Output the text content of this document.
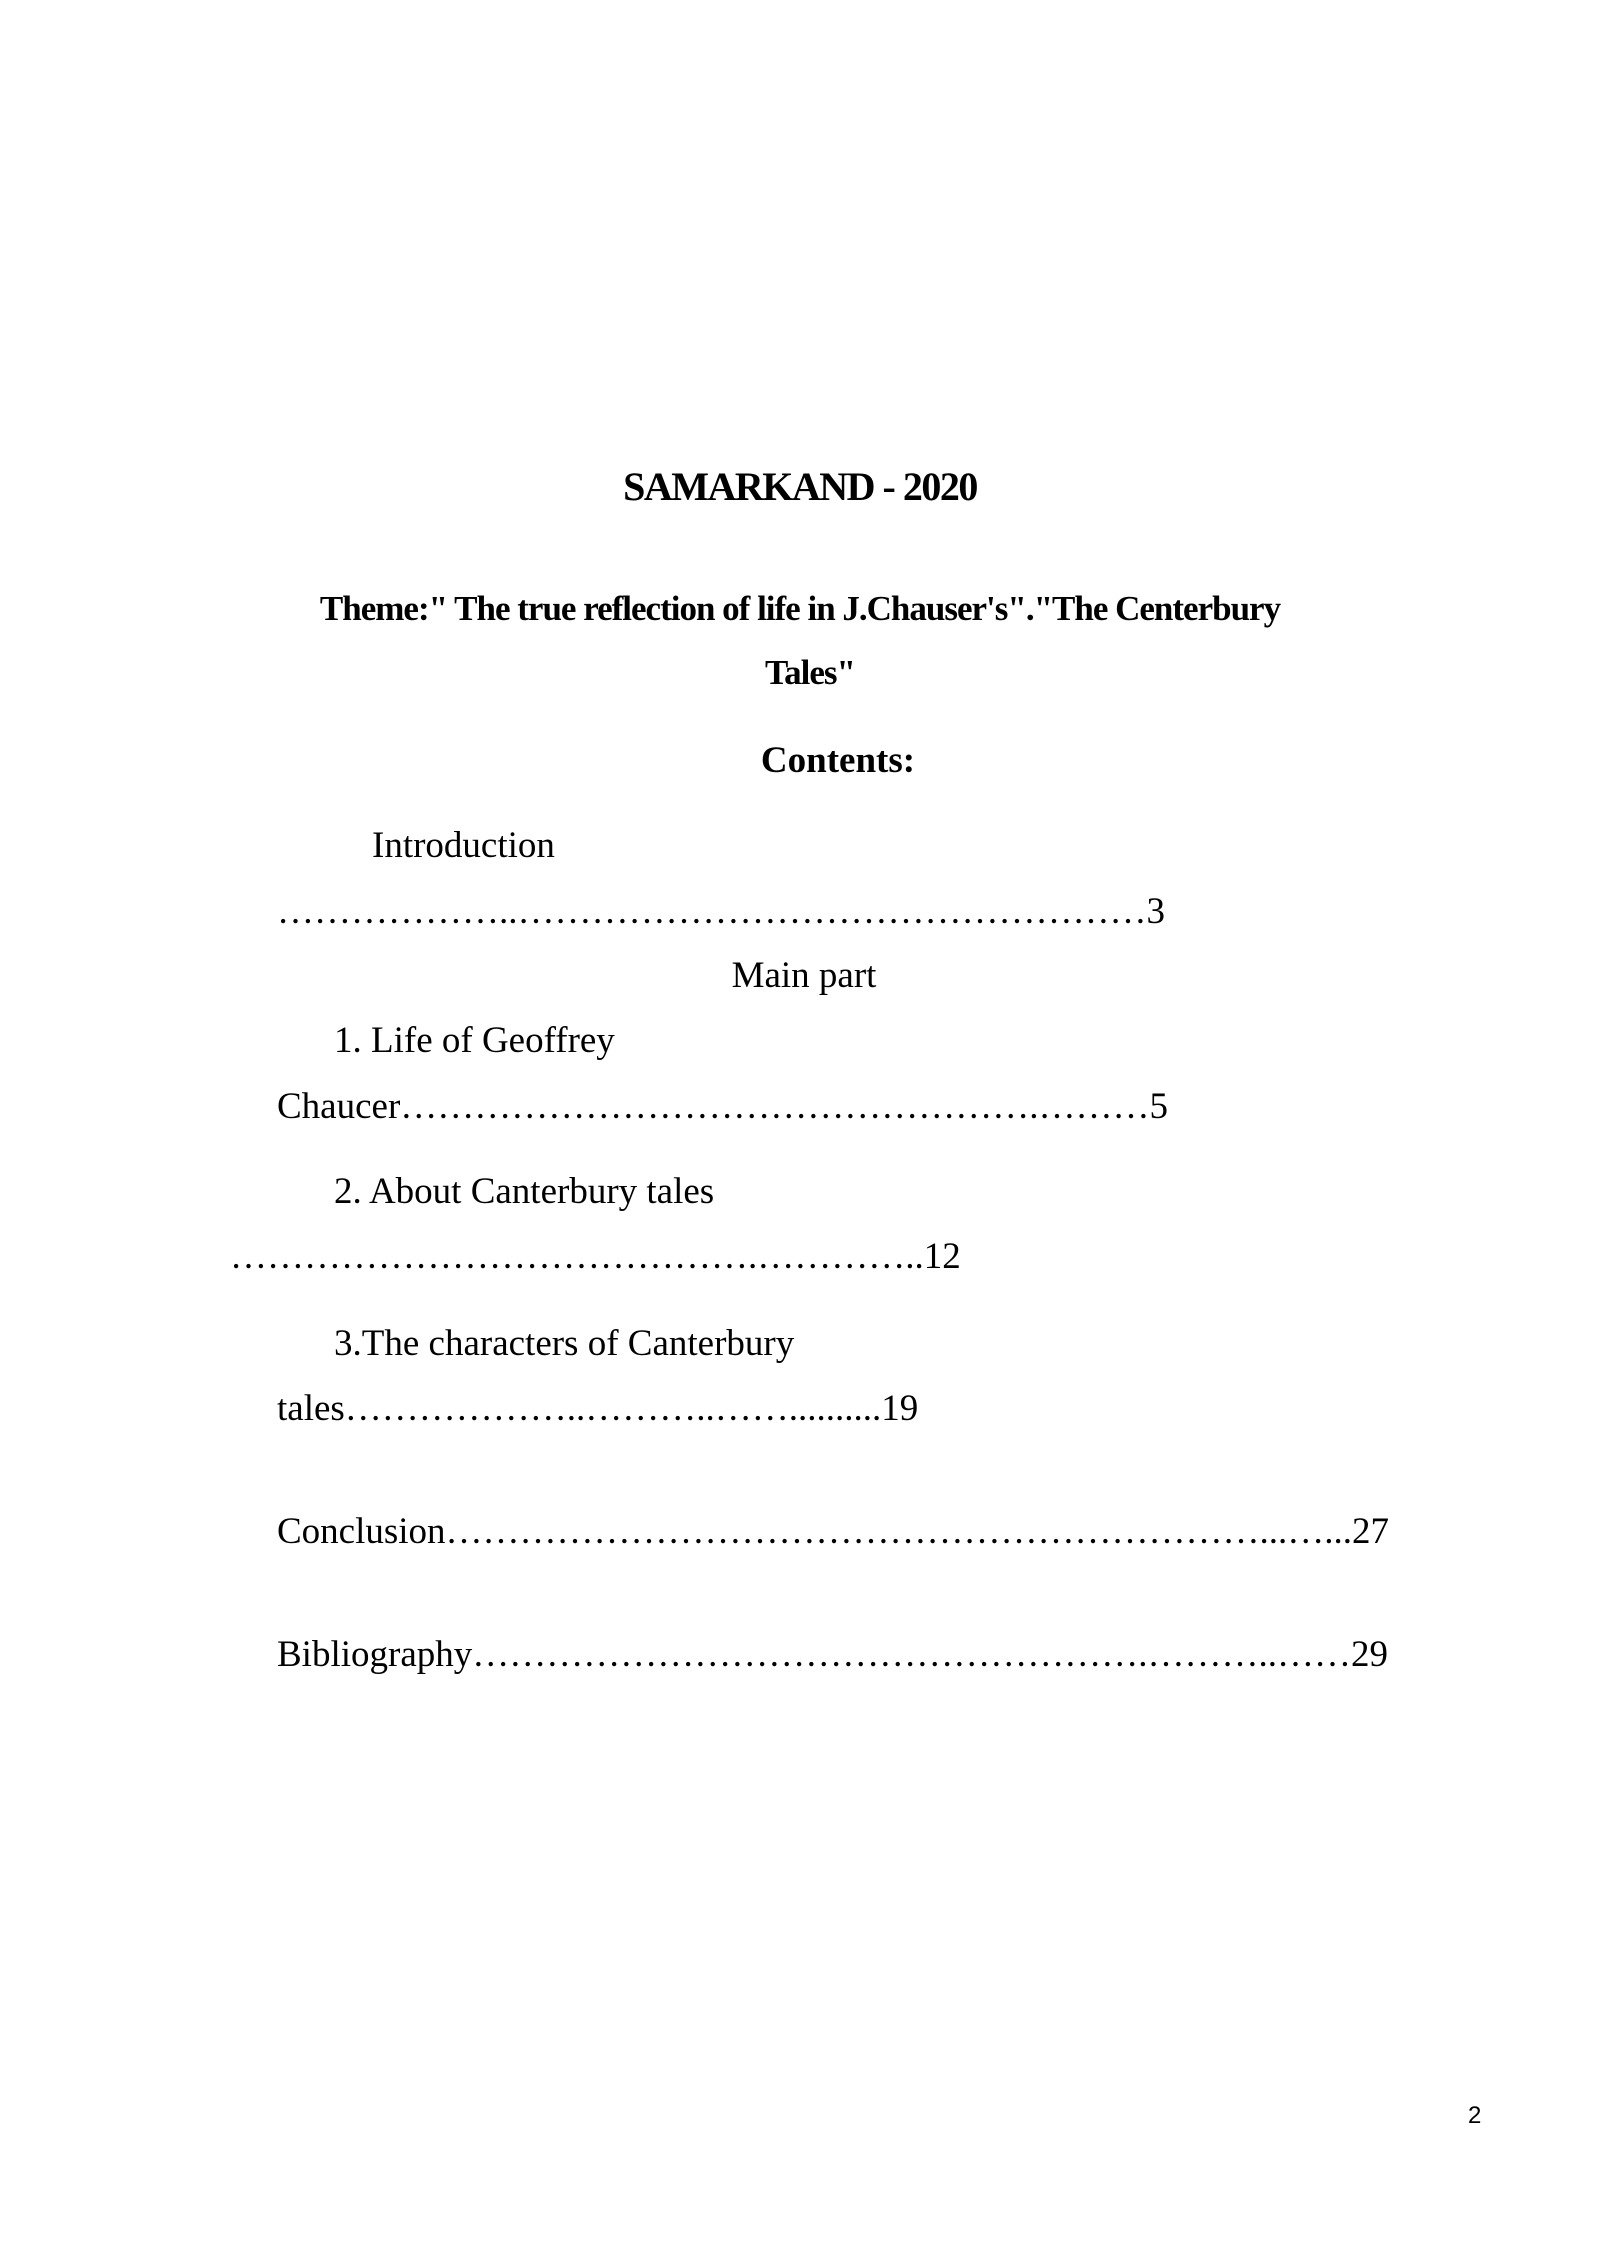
SAMARKAND - 2020

Theme:" The true reflection of life in J.Chauser's"."The Centerbury

Tales"

Contents:

Introduction

………………..……………………………………………3

Main part

1. Life of Geoffrey

Chaucer…………………………………………….………5

2. About Canterbury tales

…………………………………….…………..12

3.The characters of Canterbury

tales………………..………..……..........19

Conclusion…………………………………………………………...…...27

Bibliography……………………………………………….………..……29

2
